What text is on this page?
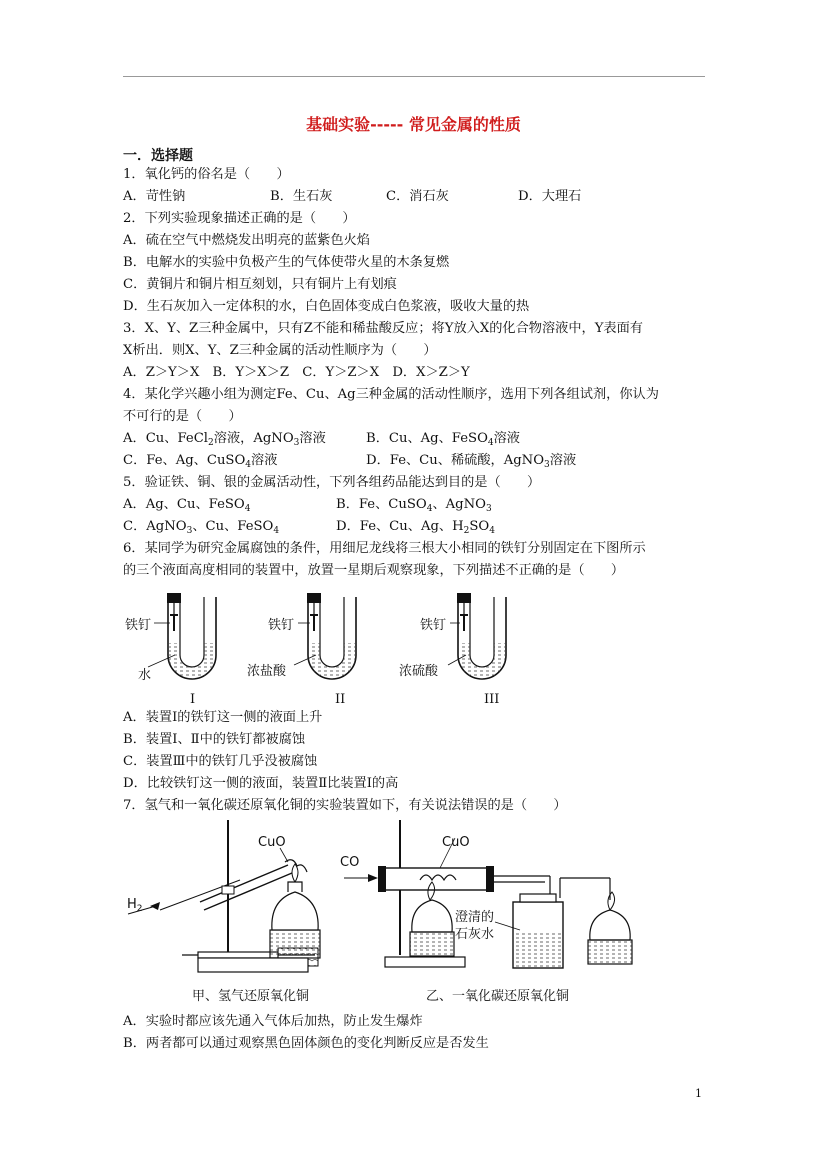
基础实验----- 常见金属的性质
一．选择题
1．氧化钙的俗名是（　　）
A．苛性钠	B．生石灰	C．消石灰	D．大理石
2．下列实验现象描述正确的是（　　）
A．硫在空气中燃烧发出明亮的蓝紫色火焰
B．电解水的实验中负极产生的气体使带火星的木条复燃
C．黄铜片和铜片相互刻划，只有铜片上有划痕
D．生石灰加入一定体积的水，白色固体变成白色浆液，吸收大量的热
3．X、Y、Z三种金属中，只有Z不能和稀盐酸反应；将Y放入X的化合物溶液中，Y表面有
X析出．则X、Y、Z三种金属的活动性顺序为（　　）
A．Z＞Y＞X　B．Y＞X＞Z　C．Y＞Z＞X　D．X＞Z＞Y
4．某化学兴趣小组为测定Fe、Cu、Ag三种金属的活动性顺序，选用下列各组试剂，你认为
不可行的是（　　）
A．Cu、FeCl$_2$溶液，AgNO$_3$溶液	B．Cu、Ag、FeSO$_4$溶液
C．Fe、Ag、CuSO$_4$溶液	D．Fe、Cu、稀硫酸，AgNO$_3$溶液
5．验证铁、铜、银的金属活动性，下列各组药品能达到目的是（　　）
A．Ag、Cu、FeSO$_4$	B．Fe、CuSO$_4$、AgNO$_3$
C．AgNO$_3$、Cu、FeSO$_4$	D．Fe、Cu、Ag、$H_2SO_4$
6．某同学为研究金属腐蚀的条件，用细尼龙线将三根大小相同的铁钉分别固定在下图所示
的三个液面高度相同的装置中，放置一星期后观察现象，下列描述不正确的是（　　）
铁钉	铁钉	铁钉
水	浓盐酸	浓硫酸
I	II	III
A．装置Ⅰ的铁钉这一侧的液面上升
B．装置Ⅰ、Ⅱ中的铁钉都被腐蚀
C．装置Ⅲ中的铁钉几乎没被腐蚀
D．比较铁钉这一侧的液面，装置Ⅱ比装置Ⅰ的高
7．氢气和一氧化碳还原氧化铜的实验装置如下，有关说法错误的是（　　）
CuO
$H_2$
CuO
CO
澄清的
石灰水
甲、氢气还原氧化铜	乙、一氧化碳还原氧化铜
A．实验时都应该先通入气体后加热，防止发生爆炸
B．两者都可以通过观察黑色固体颜色的变化判断反应是否发生
1
